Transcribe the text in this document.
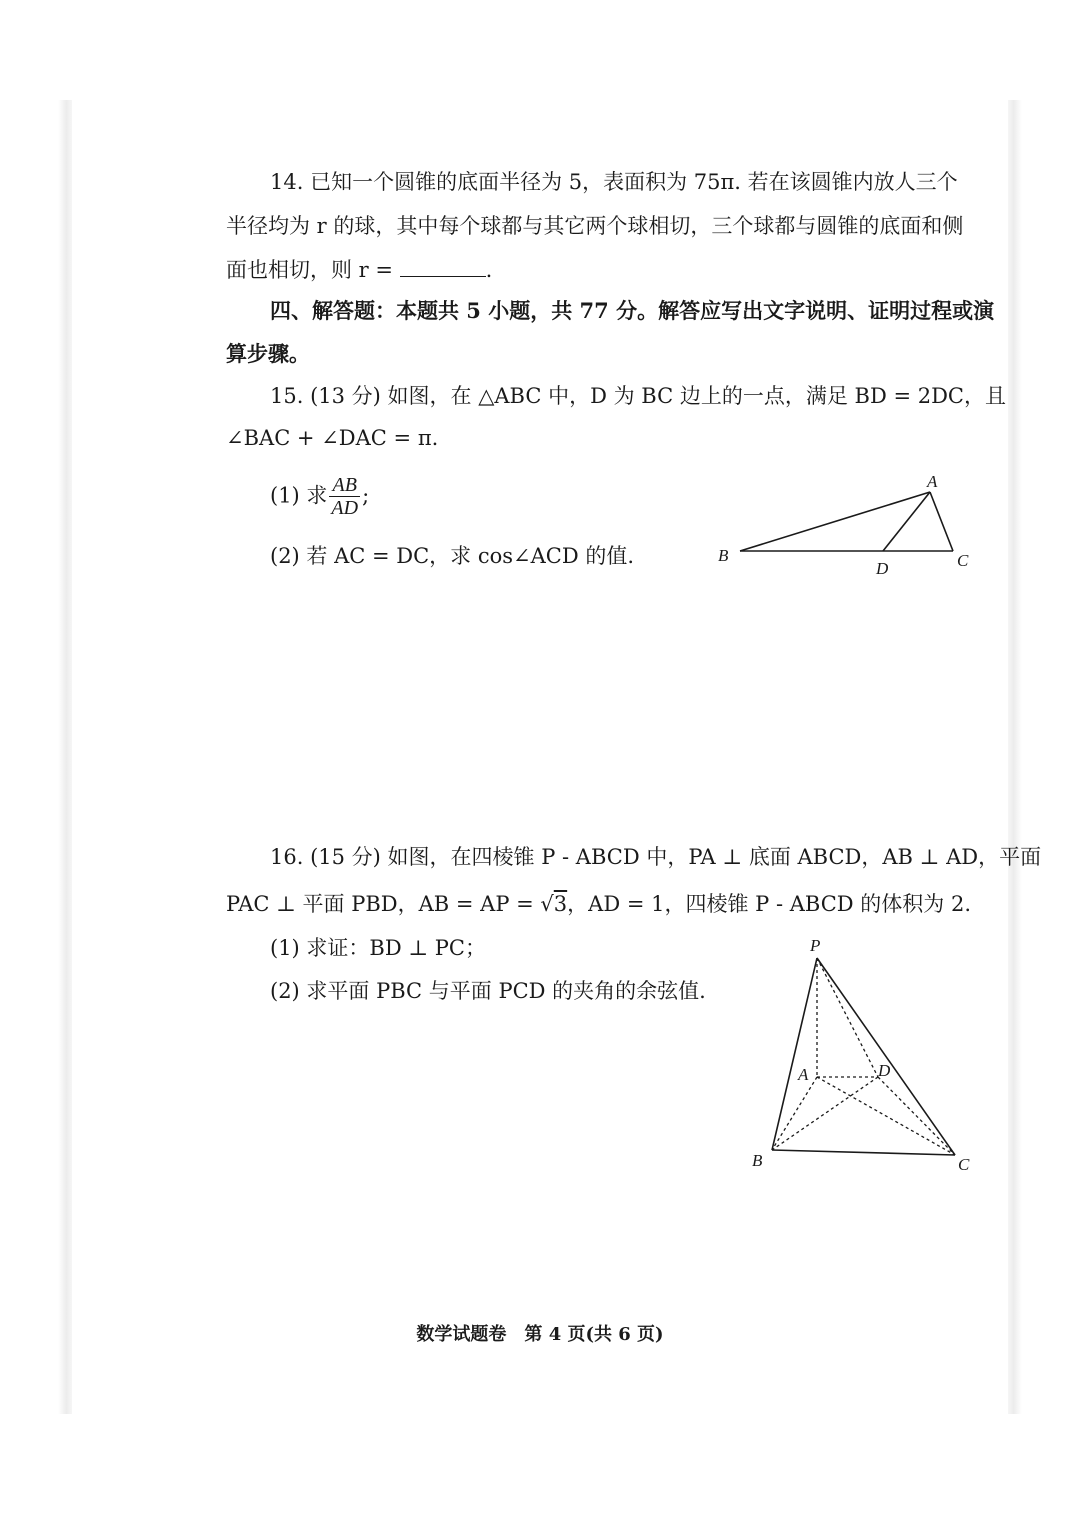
14. 已知一个圆锥的底面半径为 5，表面积为 75π. 若在该圆锥内放人三个
半径均为 r 的球，其中每个球都与其它两个球相切，三个球都与圆锥的底面和侧
面也相切，则 r =	.
四、解答题：本题共 5 小题，共 77 分。解答应写出文字说明、证明过程或演
算步骤。
15. (13 分) 如图，在 △ABC 中，D 为 BC 边上的一点，满足 BD = 2DC，且
∠BAC + ∠DAC = π.
(1) 求 $\frac{AB}{AD}$ ;
(2) 若 AC = DC，求 cos∠ACD 的值.
A
B	C
D
16. (15 分) 如图，在四棱锥 P - ABCD 中，PA ⊥ 底面 ABCD，AB ⊥ AD，平面
PAC ⊥ 平面 PBD，AB = AP = √3，AD = 1，四棱锥 P - ABCD 的体积为 2.
(1) 求证：BD ⊥ PC；
(2) 求平面 PBC 与平面 PCD 的夹角的余弦值.
P
A	D
B	C
数学试题卷　第 4 页(共 6 页)
